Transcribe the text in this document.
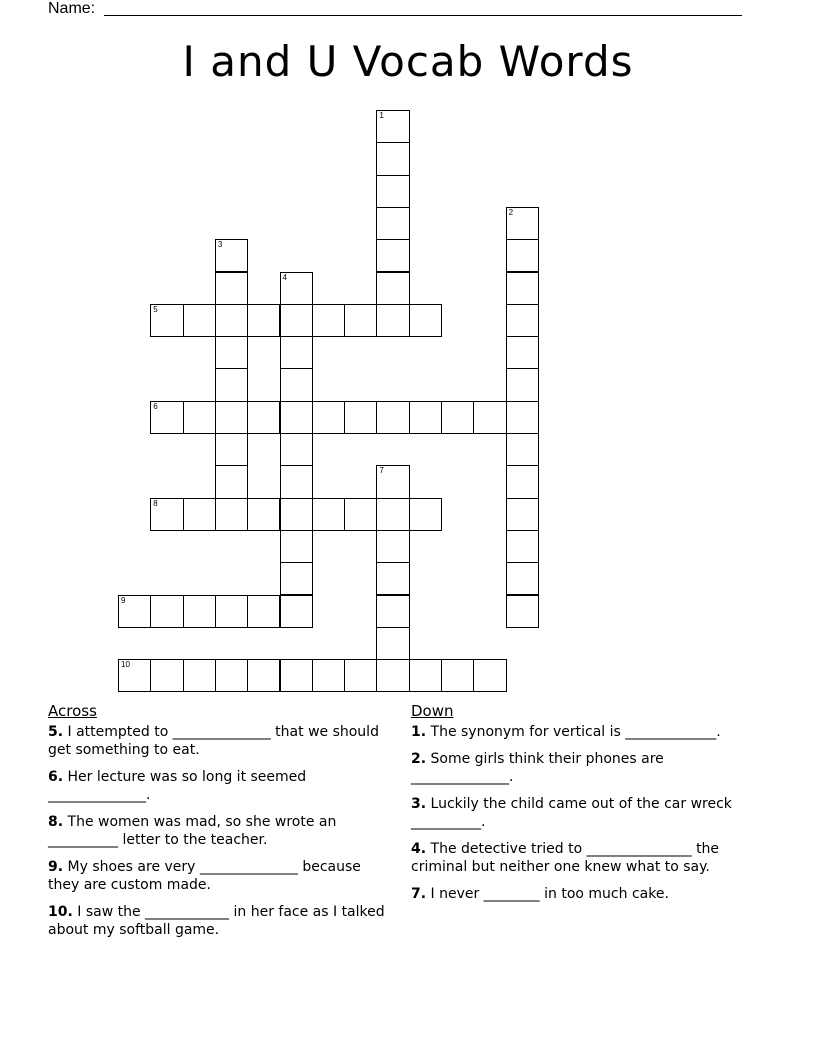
Name:
I and U Vocab Words
1
2
3
4
5
6
7
8
9
10
Across
5. I attempted to ______________ that we should get something to eat.
6. Her lecture was so long it seemed ______________.
8. The women was mad, so she wrote an __________ letter to the teacher.
9. My shoes are very ______________ because they are custom made.
10. I saw the ____________ in her face as I talked about my softball game.
Down
1. The synonym for vertical is _____________.
2. Some girls think their phones are ______________.
3. Luckily the child came out of the car wreck __________.
4. The detective tried to _______________ the criminal but neither one knew what to say.
7. I never ________ in too much cake.
